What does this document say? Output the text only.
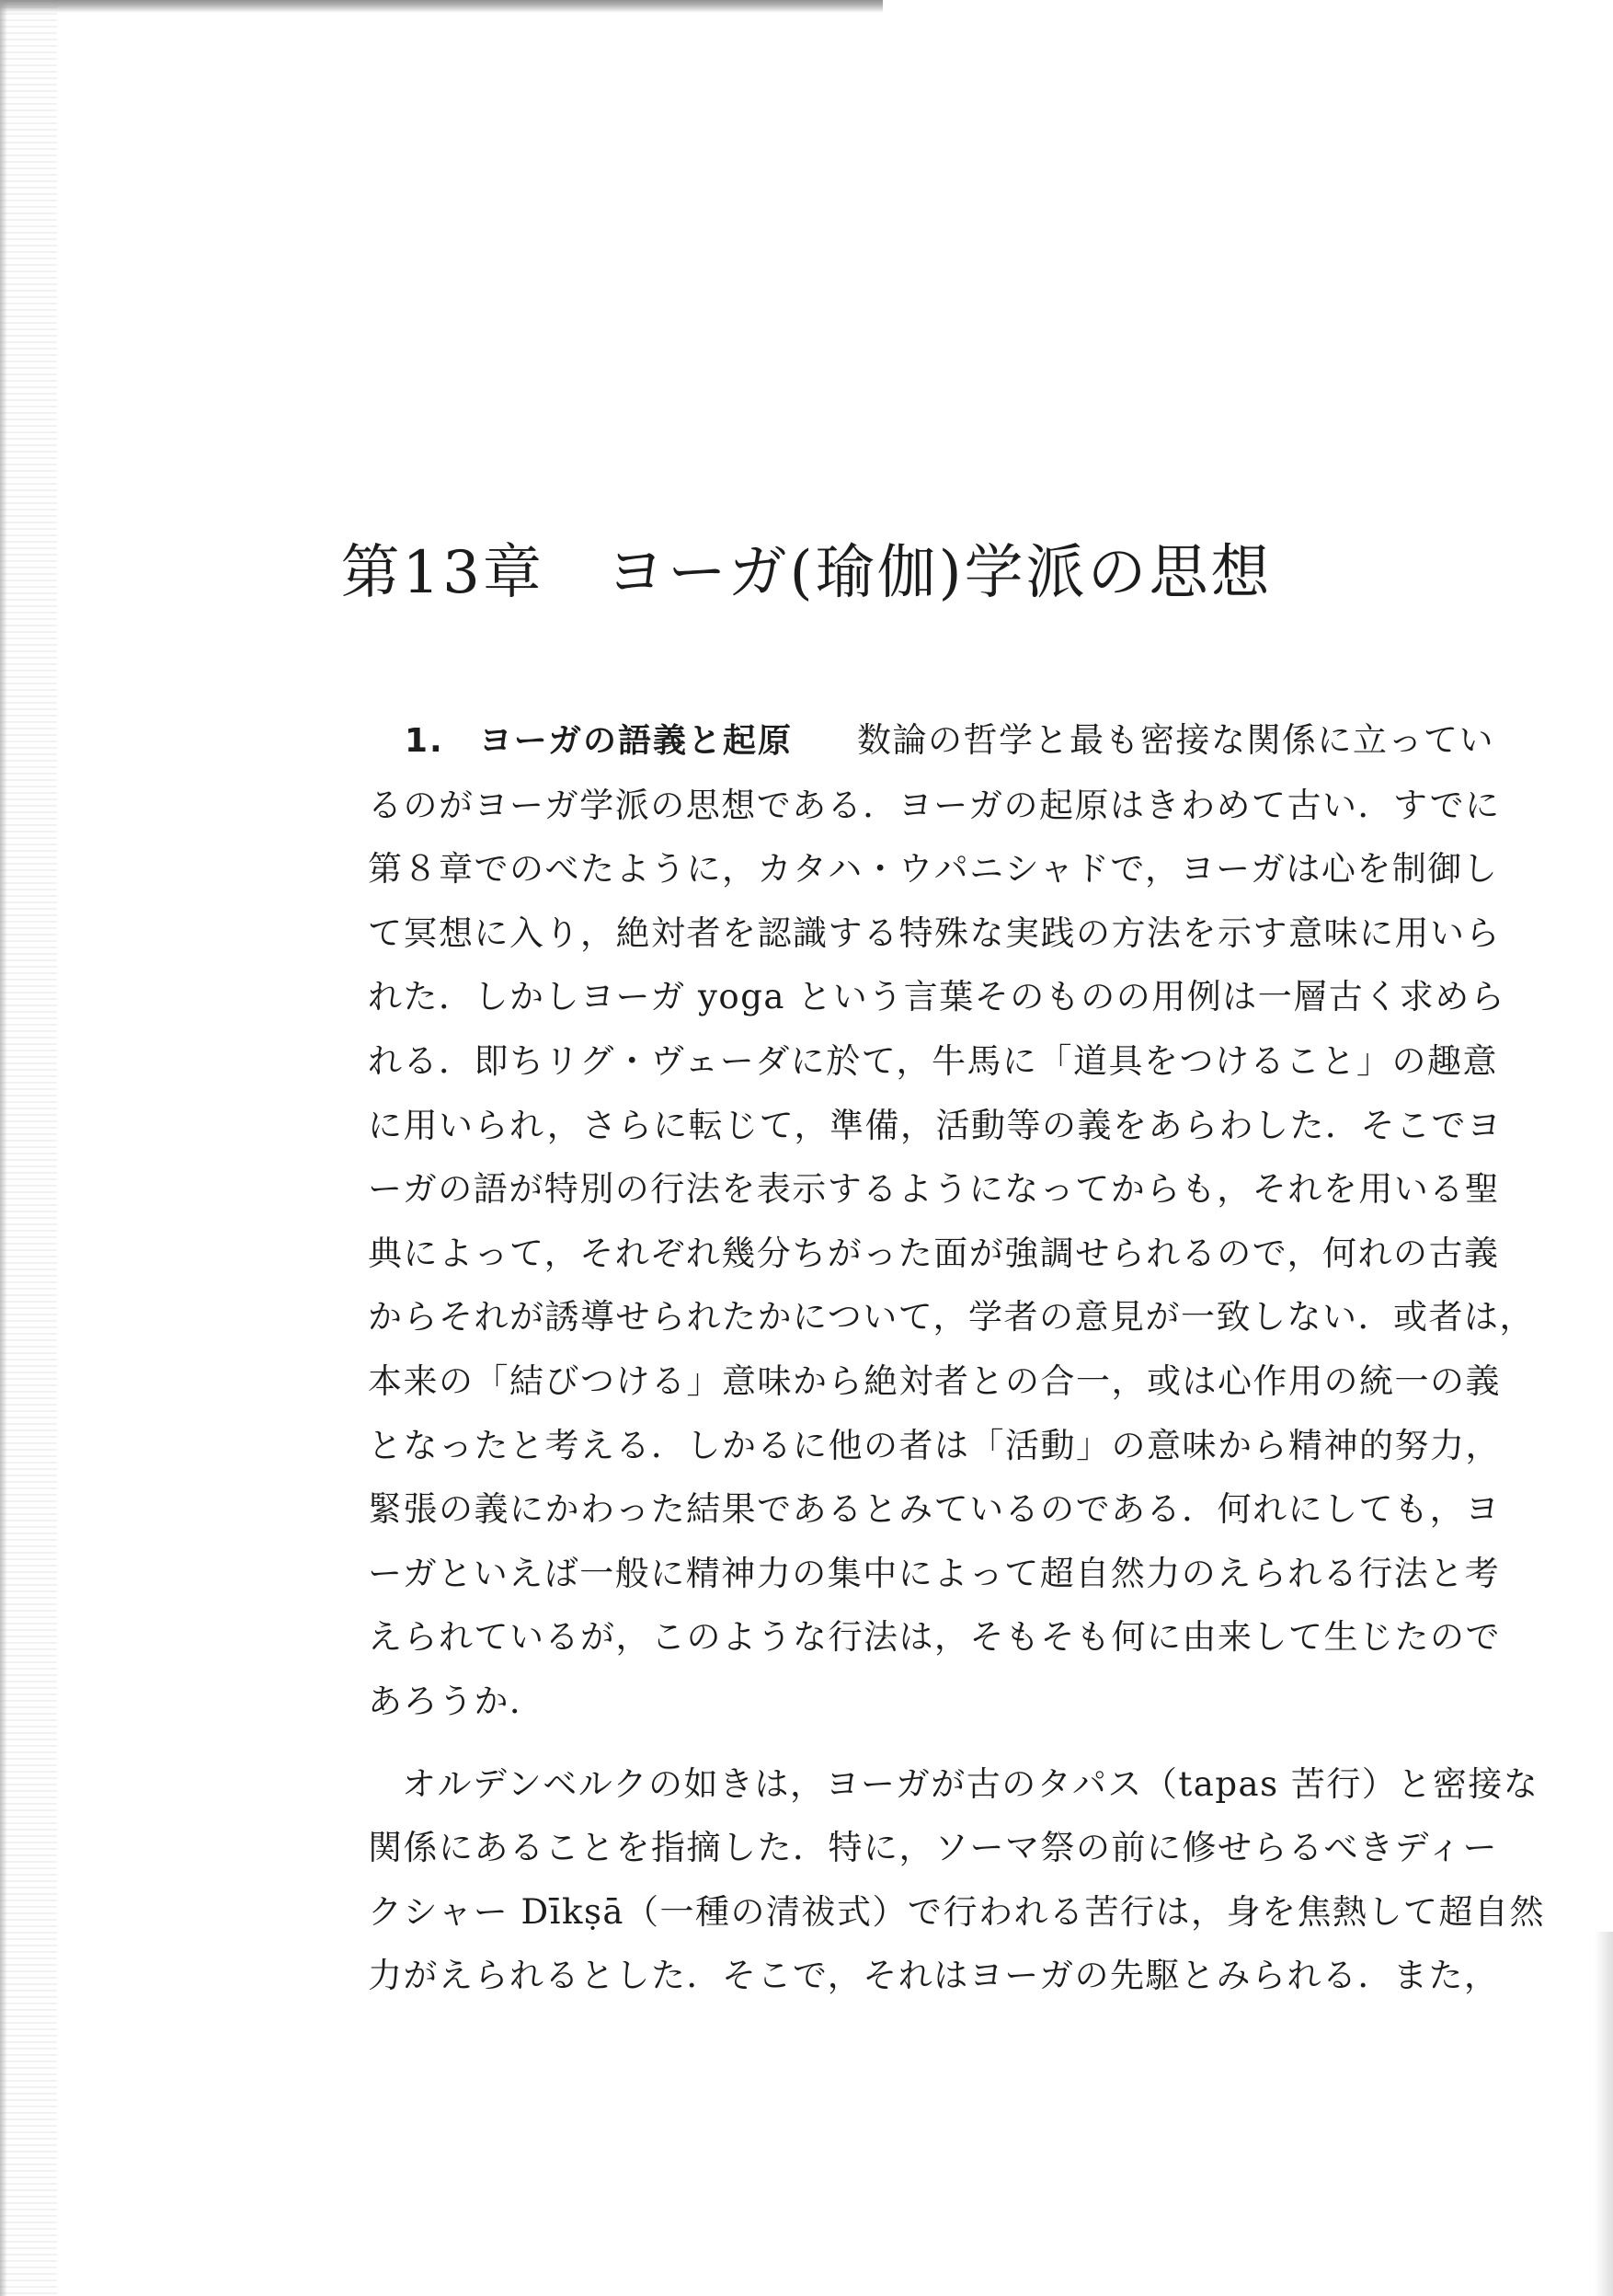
第13章　ヨーガ(瑜伽)学派の思想

1.　ヨーガの語義と起原 数論の哲学と最も密接な関係に立ってい
るのがヨーガ学派の思想である．ヨーガの起原はきわめて古い．すでに
第８章でのべたように，カタハ・ウパニシャドで，ヨーガは心を制御し
て冥想に入り，絶対者を認識する特殊な実践の方法を示す意味に用いら
れた．しかしヨーガ yoga という言葉そのものの用例は一層古く求めら
れる．即ちリグ・ヴェーダに於て，牛馬に「道具をつけること」の趣意
に用いられ，さらに転じて，準備，活動等の義をあらわした．そこでヨ
ーガの語が特別の行法を表示するようになってからも，それを用いる聖
典によって，それぞれ幾分ちがった面が強調せられるので，何れの古義
からそれが誘導せられたかについて，学者の意見が一致しない．或者は，
本来の「結びつける」意味から絶対者との合一，或は心作用の統一の義
となったと考える．しかるに他の者は「活動」の意味から精神的努力，
緊張の義にかわった結果であるとみているのである．何れにしても，ヨ
ーガといえば一般に精神力の集中によって超自然力のえられる行法と考
えられているが，このような行法は，そもそも何に由来して生じたので
あろうか．

オルデンベルクの如きは，ヨーガが古のタパス（tapas 苦行）と密接な
関係にあることを指摘した．特に，ソーマ祭の前に修せらるべきディー
クシャー Dīkṣā（一種の清祓式）で行われる苦行は，身を焦熱して超自然
力がえられるとした．そこで，それはヨーガの先駆とみられる．また，
